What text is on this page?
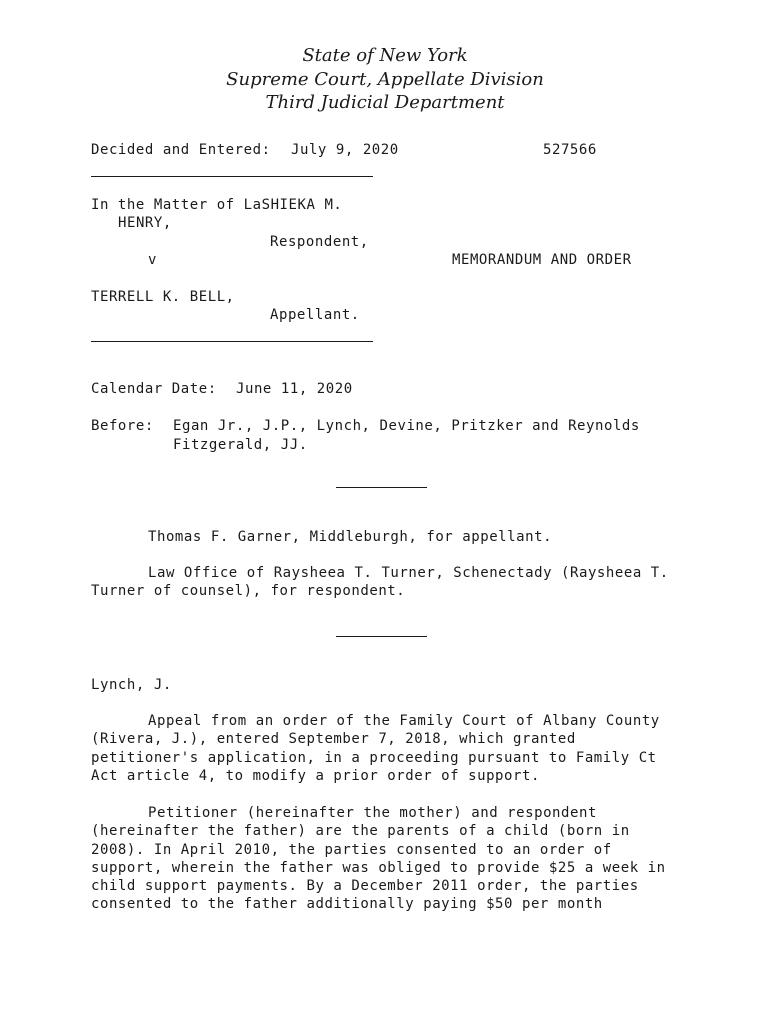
State of New York
Supreme Court, Appellate Division
Third Judicial Department
Decided and Entered: July 9, 2020	527566
In the Matter of LaSHIEKA M.
HENRY,
Respondent,
v	MEMORANDUM AND ORDER
TERRELL K. BELL,
Appellant.
Calendar Date: June 11, 2020
Before: Egan Jr., J.P., Lynch, Devine, Pritzker and Reynolds
Fitzgerald, JJ.
Thomas F. Garner, Middleburgh, for appellant.
Law Office of Raysheea T. Turner, Schenectady (Raysheea T. Turner of counsel), for respondent.
Lynch, J.
Appeal from an order of the Family Court of Albany County (Rivera, J.), entered September 7, 2018, which granted petitioner's application, in a proceeding pursuant to Family Ct Act article 4, to modify a prior order of support.
Petitioner (hereinafter the mother) and respondent (hereinafter the father) are the parents of a child (born in 2008). In April 2010, the parties consented to an order of support, wherein the father was obliged to provide $25 a week in child support payments. By a December 2011 order, the parties consented to the father additionally paying $50 per month
